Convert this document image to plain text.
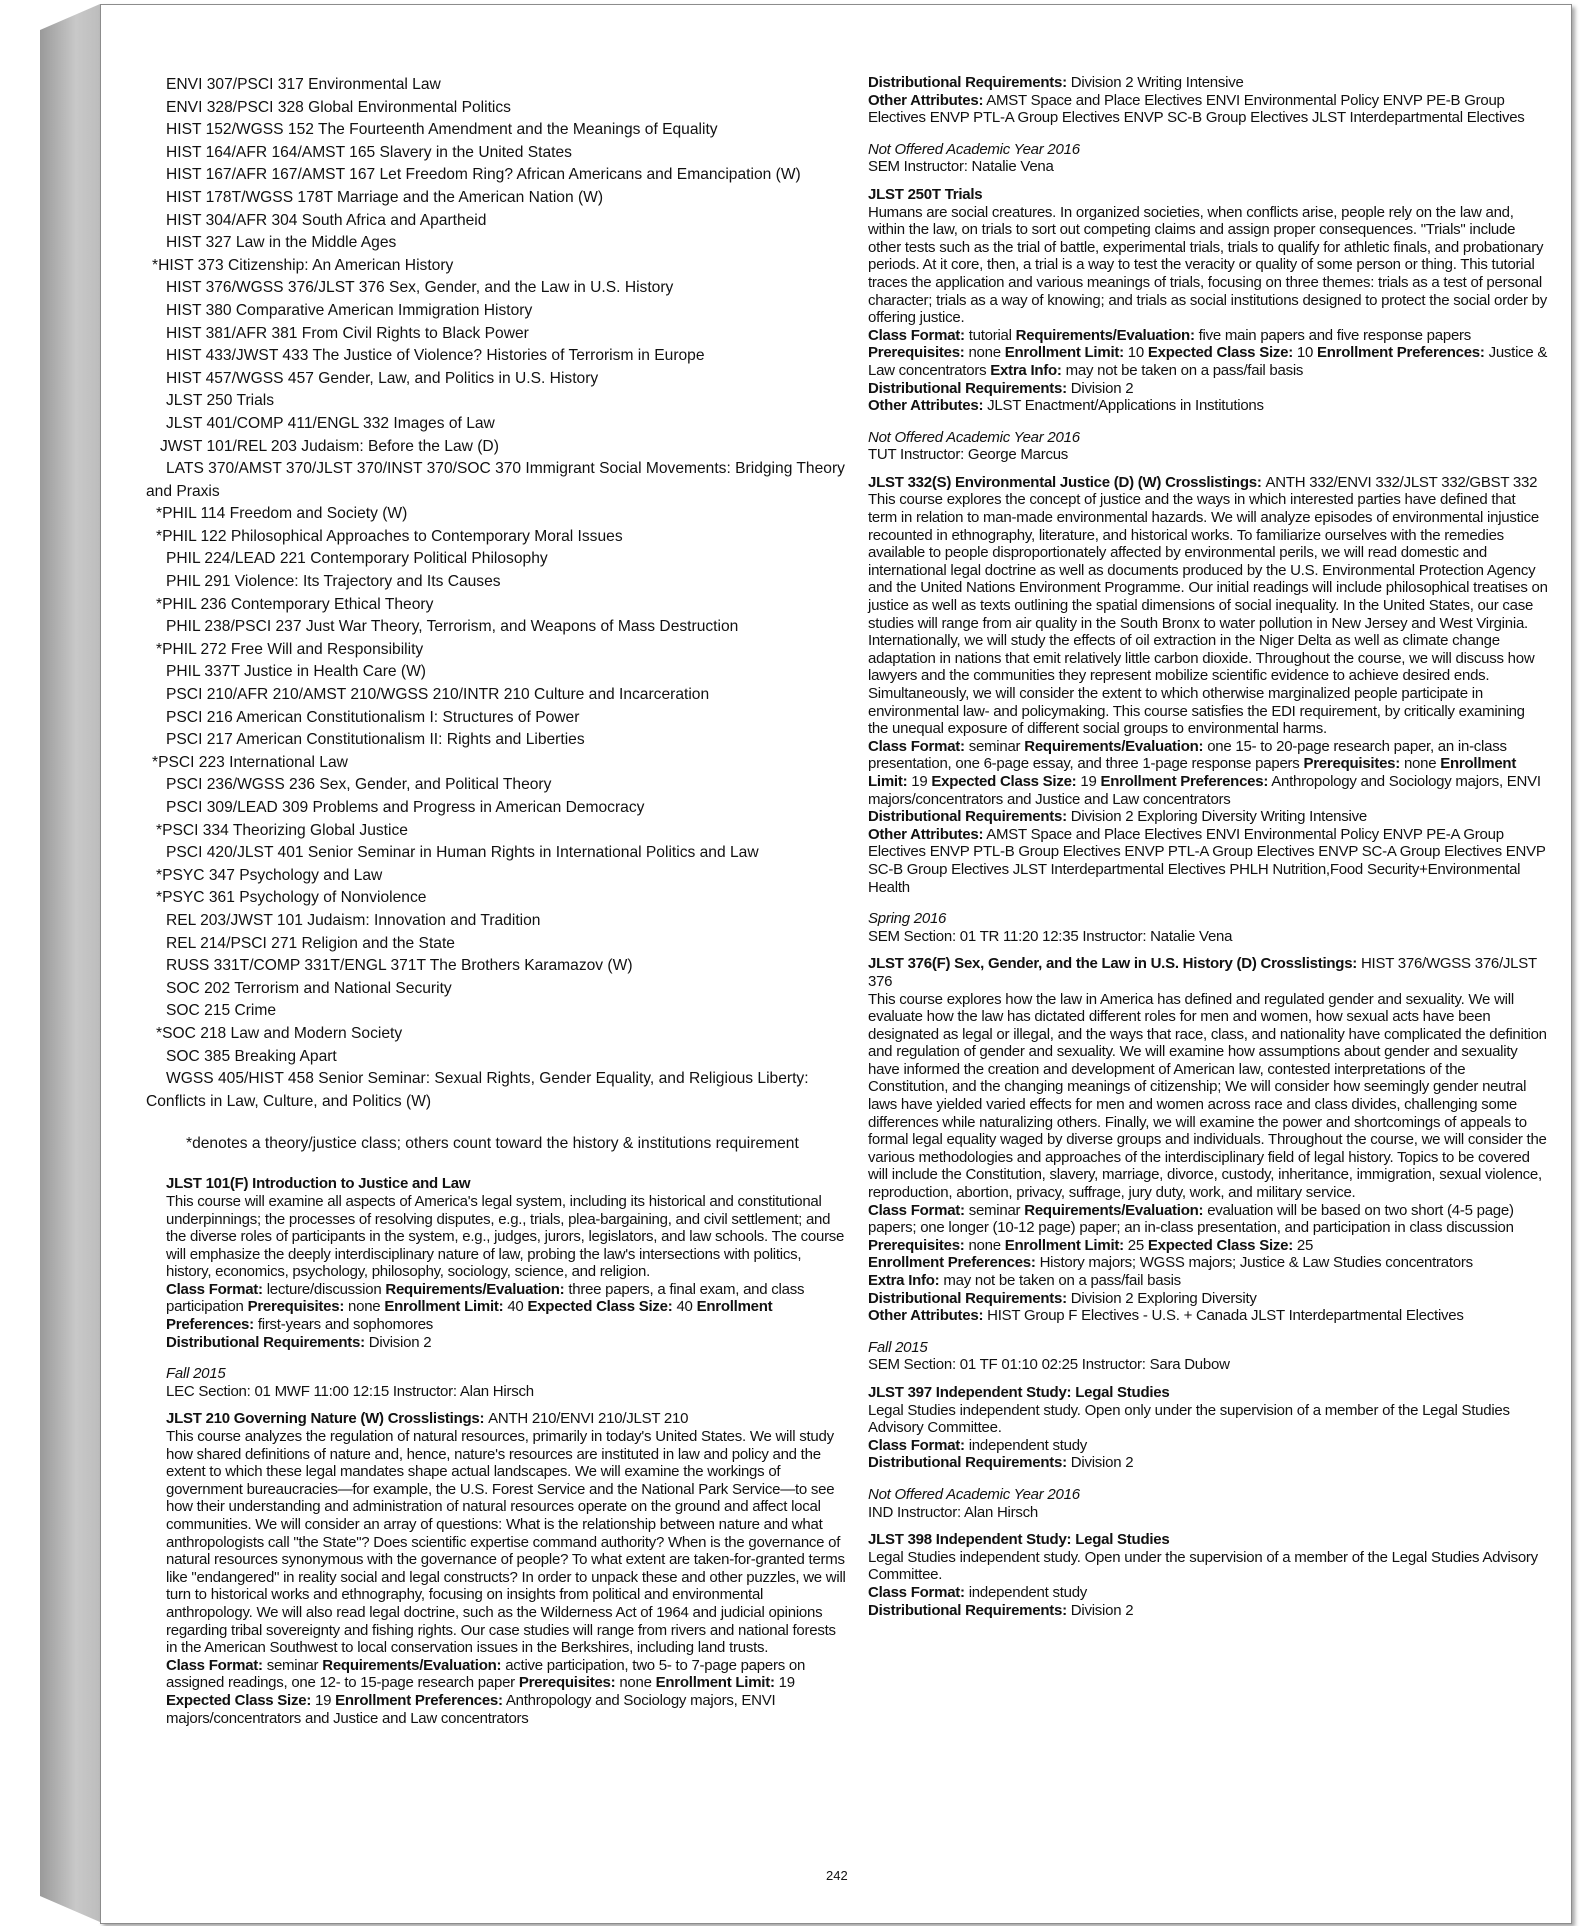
ENVI 307/PSCI 317 Environmental Law
ENVI 328/PSCI 328 Global Environmental Politics
HIST 152/WGSS 152 The Fourteenth Amendment and the Meanings of Equality
HIST 164/AFR 164/AMST 165 Slavery in the United States
HIST 167/AFR 167/AMST 167 Let Freedom Ring? African Americans and Emancipation (W)
HIST 178T/WGSS 178T Marriage and the American Nation (W)
HIST 304/AFR 304 South Africa and Apartheid
HIST 327 Law in the Middle Ages
*HIST 373 Citizenship: An American History
HIST 376/WGSS 376/JLST 376 Sex, Gender, and the Law in U.S. History
HIST 380 Comparative American Immigration History
HIST 381/AFR 381 From Civil Rights to Black Power
HIST 433/JWST 433 The Justice of Violence? Histories of Terrorism in Europe
HIST 457/WGSS 457 Gender, Law, and Politics in U.S. History
JLST 250 Trials
JLST 401/COMP 411/ENGL 332 Images of Law
JWST 101/REL 203 Judaism: Before the Law (D)
LATS 370/AMST 370/JLST 370/INST 370/SOC 370 Immigrant Social Movements: Bridging Theory and Praxis
*PHIL 114 Freedom and Society (W)
*PHIL 122 Philosophical Approaches to Contemporary Moral Issues
PHIL 224/LEAD 221 Contemporary Political Philosophy
PHIL 291 Violence: Its Trajectory and Its Causes
*PHIL 236 Contemporary Ethical Theory
PHIL 238/PSCI 237 Just War Theory, Terrorism, and Weapons of Mass Destruction
*PHIL 272 Free Will and Responsibility
PHIL 337T Justice in Health Care (W)
PSCI 210/AFR 210/AMST 210/WGSS 210/INTR 210 Culture and Incarceration
PSCI 216 American Constitutionalism I: Structures of Power
PSCI 217 American Constitutionalism II: Rights and Liberties
*PSCI 223 International Law
PSCI 236/WGSS 236 Sex, Gender, and Political Theory
PSCI 309/LEAD 309 Problems and Progress in American Democracy
*PSCI 334 Theorizing Global Justice
PSCI 420/JLST 401 Senior Seminar in Human Rights in International Politics and Law
*PSYC 347 Psychology and Law
*PSYC 361 Psychology of Nonviolence
REL 203/JWST 101 Judaism: Innovation and Tradition
REL 214/PSCI 271 Religion and the State
RUSS 331T/COMP 331T/ENGL 371T The Brothers Karamazov (W)
SOC 202 Terrorism and National Security
SOC 215 Crime
*SOC 218 Law and Modern Society
SOC 385 Breaking Apart
WGSS 405/HIST 458 Senior Seminar: Sexual Rights, Gender Equality, and Religious Liberty: Conflicts in Law, Culture, and Politics (W)
*denotes a theory/justice class; others count toward the history & institutions requirement
JLST 101(F) Introduction to Justice and Law

This course will examine all aspects of America's legal system, including its historical and constitutional underpinnings; the processes of resolving disputes, e.g., trials, plea-bargaining, and civil settlement; and the diverse roles of participants in the system, e.g., judges, jurors, legislators, and law schools. The course will emphasize the deeply interdisciplinary nature of law, probing the law's intersections with politics, history, economics, psychology, philosophy, sociology, science, and religion.

Class Format: lecture/discussion Requirements/Evaluation: three papers, a final exam, and class participation Prerequisites: none Enrollment Limit: 40 Expected Class Size: 40 Enrollment Preferences: first-years and sophomores

Distributional Requirements: Division 2

Fall 2015
LEC Section: 01 MWF 11:00 12:15 Instructor: Alan Hirsch
JLST 210 Governing Nature (W) Crosslistings: ANTH 210/ENVI 210/JLST 210

This course analyzes the regulation of natural resources, primarily in today's United States. We will study how shared definitions of nature and, hence, nature's resources are instituted in law and policy and the extent to which these legal mandates shape actual landscapes. We will examine the workings of government bureaucracies—for example, the U.S. Forest Service and the National Park Service—to see how their understanding and administration of natural resources operate on the ground and affect local communities. We will consider an array of questions: What is the relationship between nature and what anthropologists call "the State"? Does scientific expertise command authority? When is the governance of natural resources synonymous with the governance of people? To what extent are taken-for-granted terms like "endangered" in reality social and legal constructs? In order to unpack these and other puzzles, we will turn to historical works and ethnography, focusing on insights from political and environmental anthropology. We will also read legal doctrine, such as the Wilderness Act of 1964 and judicial opinions regarding tribal sovereignty and fishing rights. Our case studies will range from rivers and national forests in the American Southwest to local conservation issues in the Berkshires, including land trusts.

Class Format: seminar Requirements/Evaluation: active participation, two 5- to 7-page papers on assigned readings, one 12- to 15-page research paper Prerequisites: none Enrollment Limit: 19 Expected Class Size: 19 Enrollment Preferences: Anthropology and Sociology majors, ENVI majors/concentrators and Justice and Law concentrators

Distributional Requirements: Division 2 Writing Intensive

Other Attributes: AMST Space and Place Electives ENVI Environmental Policy ENVP PE-B Group Electives ENVP PTL-A Group Electives ENVP SC-B Group Electives JLST Interdepartmental Electives

Not Offered Academic Year 2016
SEM Instructor: Natalie Vena
JLST 250T Trials

Humans are social creatures. In organized societies, when conflicts arise, people rely on the law and, within the law, on trials to sort out competing claims and assign proper consequences. "Trials" include other tests such as the trial of battle, experimental trials, trials to qualify for athletic finals, and probationary periods. At it core, then, a trial is a way to test the veracity or quality of some person or thing. This tutorial traces the application and various meanings of trials, focusing on three themes: trials as a test of personal character; trials as a way of knowing; and trials as social institutions designed to protect the social order by offering justice.

Class Format: tutorial Requirements/Evaluation: five main papers and five response papers Prerequisites: none Enrollment Limit: 10 Expected Class Size: 10 Enrollment Preferences: Justice & Law concentrators Extra Info: may not be taken on a pass/fail basis

Distributional Requirements: Division 2

Other Attributes: JLST Enactment/Applications in Institutions

Not Offered Academic Year 2016
TUT Instructor: George Marcus
JLST 332(S) Environmental Justice (D) (W) Crosslistings: ANTH 332/ENVI 332/JLST 332/GBST 332

This course explores the concept of justice and the ways in which interested parties have defined that term in relation to man-made environmental hazards. We will analyze episodes of environmental injustice recounted in ethnography, literature, and historical works. To familiarize ourselves with the remedies available to people disproportionately affected by environmental perils, we will read domestic and international legal doctrine as well as documents produced by the U.S. Environmental Protection Agency and the United Nations Environment Programme. Our initial readings will include philosophical treatises on justice as well as texts outlining the spatial dimensions of social inequality. In the United States, our case studies will range from air quality in the South Bronx to water pollution in New Jersey and West Virginia. Internationally, we will study the effects of oil extraction in the Niger Delta as well as climate change adaptation in nations that emit relatively little carbon dioxide. Throughout the course, we will discuss how lawyers and the communities they represent mobilize scientific evidence to achieve desired ends. Simultaneously, we will consider the extent to which otherwise marginalized people participate in environmental law- and policymaking. This course satisfies the EDI requirement, by critically examining the unequal exposure of different social groups to environmental harms.

Class Format: seminar Requirements/Evaluation: one 15- to 20-page research paper, an in-class presentation, one 6-page essay, and three 1-page response papers Prerequisites: none Enrollment Limit: 19 Expected Class Size: 19 Enrollment Preferences: Anthropology and Sociology majors, ENVI majors/concentrators and Justice and Law concentrators

Distributional Requirements: Division 2 Exploring Diversity Writing Intensive

Other Attributes: AMST Space and Place Electives ENVI Environmental Policy ENVP PE-A Group Electives ENVP PTL-B Group Electives ENVP PTL-A Group Electives ENVP SC-A Group Electives ENVP SC-B Group Electives JLST Interdepartmental Electives PHLH Nutrition,Food Security+Environmental Health

Spring 2016
SEM Section: 01 TR 11:20 12:35 Instructor: Natalie Vena
JLST 376(F) Sex, Gender, and the Law in U.S. History (D) Crosslistings: HIST 376/WGSS 376/JLST 376

This course explores how the law in America has defined and regulated gender and sexuality. We will evaluate how the law has dictated different roles for men and women, how sexual acts have been designated as legal or illegal, and the ways that race, class, and nationality have complicated the definition and regulation of gender and sexuality. We will examine how assumptions about gender and sexuality have informed the creation and development of American law, contested interpretations of the Constitution, and the changing meanings of citizenship; We will consider how seemingly gender neutral laws have yielded varied effects for men and women across race and class divides, challenging some differences while naturalizing others. Finally, we will examine the power and shortcomings of appeals to formal legal equality waged by diverse groups and individuals. Throughout the course, we will consider the various methodologies and approaches of the interdisciplinary field of legal history. Topics to be covered will include the Constitution, slavery, marriage, divorce, custody, inheritance, immigration, sexual violence, reproduction, abortion, privacy, suffrage, jury duty, work, and military service.

Class Format: seminar Requirements/Evaluation: evaluation will be based on two short (4-5 page) papers; one longer (10-12 page) paper; an in-class presentation, and participation in class discussion Prerequisites: none Enrollment Limit: 25 Expected Class Size: 25

Enrollment Preferences: History majors; WGSS majors; Justice & Law Studies concentrators

Extra Info: may not be taken on a pass/fail basis

Distributional Requirements: Division 2 Exploring Diversity

Other Attributes: HIST Group F Electives - U.S. + Canada JLST Interdepartmental Electives

Fall 2015
SEM Section: 01 TF 01:10 02:25 Instructor: Sara Dubow
JLST 397 Independent Study: Legal Studies

Legal Studies independent study. Open only under the supervision of a member of the Legal Studies Advisory Committee.

Class Format: independent study

Distributional Requirements: Division 2

Not Offered Academic Year 2016
IND Instructor: Alan Hirsch
JLST 398 Independent Study: Legal Studies

Legal Studies independent study. Open under the supervision of a member of the Legal Studies Advisory Committee.

Class Format: independent study

Distributional Requirements: Division 2

242
